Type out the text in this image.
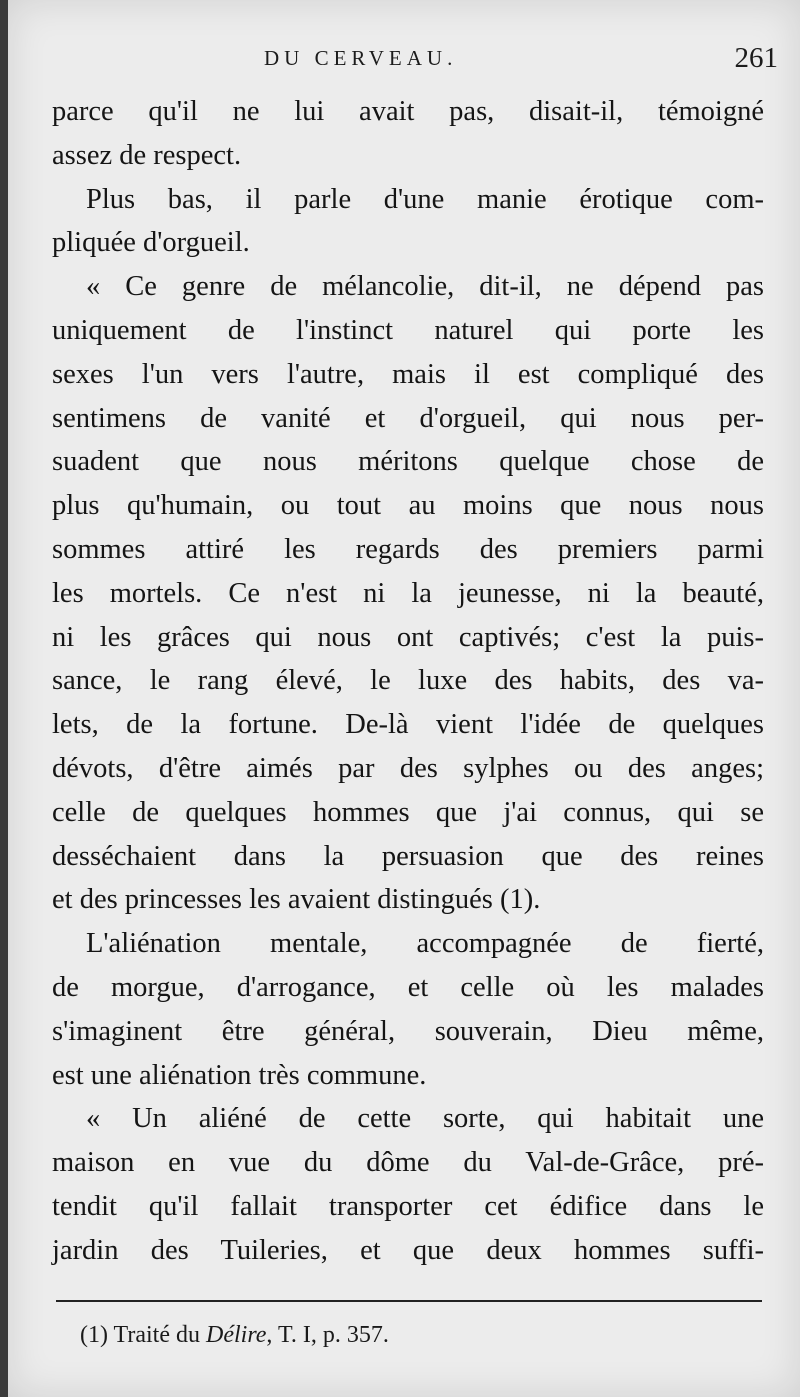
DU CERVEAU.	261
parce qu'il ne lui avait pas, disait-il, témoigné
assez de respect.
Plus bas, il parle d'une manie érotique com-
pliquée d'orgueil.
« Ce genre de mélancolie, dit-il, ne dépend pas
uniquement de l'instinct naturel qui porte les
sexes l'un vers l'autre, mais il est compliqué des
sentimens de vanité et d'orgueil, qui nous per-
suadent que nous méritons quelque chose de
plus qu'humain, ou tout au moins que nous nous
sommes attiré les regards des premiers parmi
les mortels. Ce n'est ni la jeunesse, ni la beauté,
ni les grâces qui nous ont captivés; c'est la puis-
sance, le rang élevé, le luxe des habits, des va-
lets, de la fortune. De-là vient l'idée de quelques
dévots, d'être aimés par des sylphes ou des anges;
celle de quelques hommes que j'ai connus, qui se
desséchaient dans la persuasion que des reines
et des princesses les avaient distingués (1).
L'aliénation mentale, accompagnée de fierté,
de morgue, d'arrogance, et celle où les malades
s'imaginent être général, souverain, Dieu même,
est une aliénation très commune.
« Un aliéné de cette sorte, qui habitait une
maison en vue du dôme du Val-de-Grâce, pré-
tendit qu'il fallait transporter cet édifice dans le
jardin des Tuileries, et que deux hommes suffi-
(1) Traité du Délire, T. I, p. 357.
